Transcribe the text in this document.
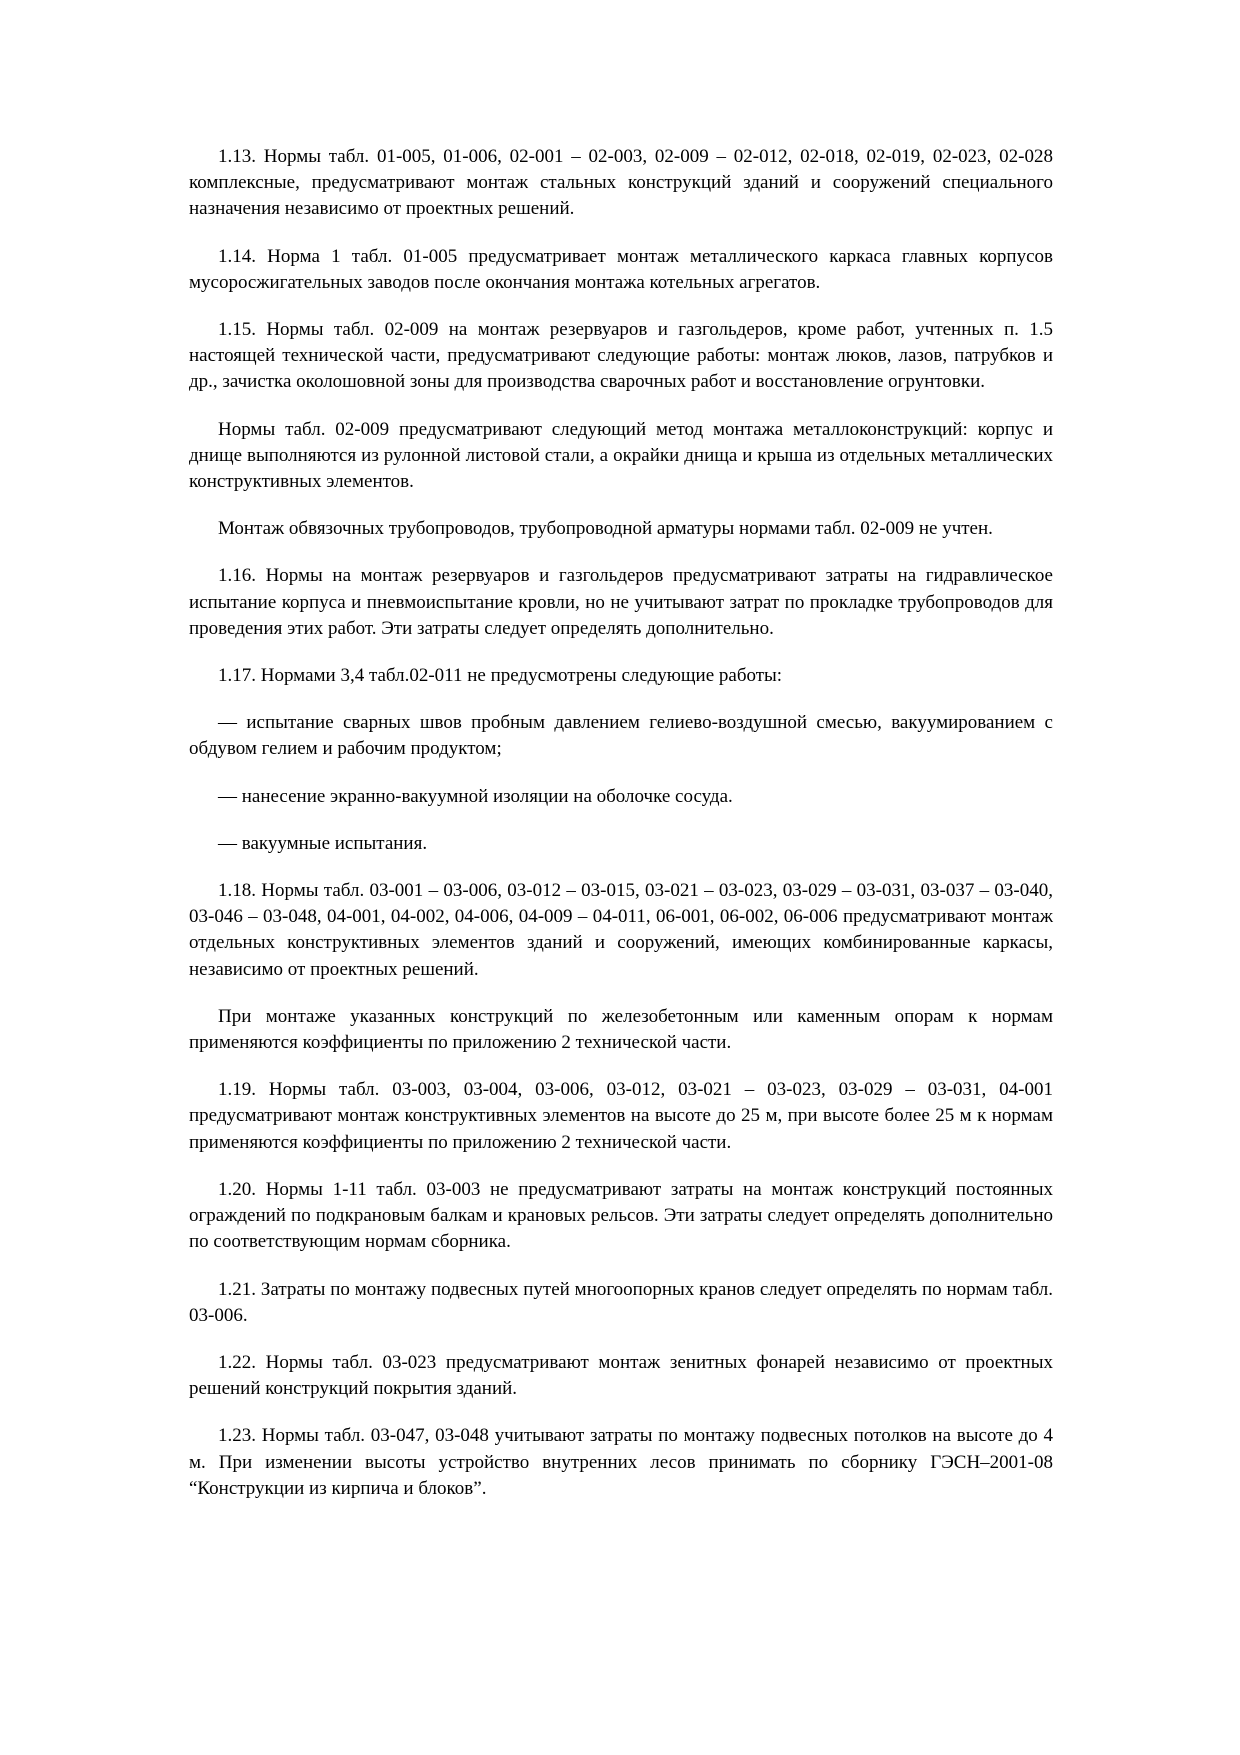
1.13. Нормы табл. 01-005, 01-006, 02-001 – 02-003, 02-009 – 02-012, 02-018, 02-019, 02-023, 02-028 комплексные, предусматривают монтаж стальных конструкций зданий и сооружений специального назначения независимо от проектных решений.

1.14. Норма 1 табл. 01-005 предусматривает монтаж металлического каркаса главных корпусов мусоросжигательных заводов после окончания монтажа котельных агрегатов.

1.15. Нормы табл. 02-009 на монтаж резервуаров и газгольдеров, кроме работ, учтенных п. 1.5 настоящей технической части, предусматривают следующие работы: монтаж люков, лазов, патрубков и др., зачистка околошовной зоны для производства сварочных работ и восстановление огрунтовки.

Нормы табл. 02-009 предусматривают следующий метод монтажа металлоконструкций: корпус и днище выполняются из рулонной листовой стали, а окрайки днища и крыша из отдельных металлических конструктивных элементов.

Монтаж обвязочных трубопроводов, трубопроводной арматуры нормами табл. 02-009 не учтен.

1.16. Нормы на монтаж резервуаров и газгольдеров предусматривают затраты на гидравлическое испытание корпуса и пневмоиспытание кровли, но не учитывают затрат по прокладке трубопроводов для проведения этих работ. Эти затраты следует определять дополнительно.

1.17. Нормами 3,4 табл.02-011 не предусмотрены следующие работы:

— испытание сварных швов пробным давлением гелиево-воздушной смесью, вакуумированием с обдувом гелием и рабочим продуктом;

— нанесение экранно-вакуумной изоляции на оболочке сосуда.

— вакуумные испытания.

1.18. Нормы табл. 03-001 – 03-006, 03-012 – 03-015, 03-021 – 03-023, 03-029 – 03-031, 03-037 – 03-040, 03-046 – 03-048, 04-001, 04-002, 04-006, 04-009 – 04-011, 06-001, 06-002, 06-006 предусматривают монтаж отдельных конструктивных элементов зданий и сооружений, имеющих комбинированные каркасы, независимо от проектных решений.

При монтаже указанных конструкций по железобетонным или каменным опорам к нормам применяются коэффициенты по приложению 2 технической части.

1.19. Нормы табл. 03-003, 03-004, 03-006, 03-012, 03-021 – 03-023, 03-029 – 03-031, 04-001 предусматривают монтаж конструктивных элементов на высоте до 25 м, при высоте более 25 м к нормам применяются коэффициенты по приложению 2 технической части.

1.20. Нормы 1-11 табл. 03-003 не предусматривают затраты на монтаж конструкций постоянных ограждений по подкрановым балкам и крановых рельсов. Эти затраты следует определять дополнительно по соответствующим нормам сборника.

1.21. Затраты по монтажу подвесных путей многоопорных кранов следует определять по нормам табл. 03-006.

1.22. Нормы табл. 03-023 предусматривают монтаж зенитных фонарей независимо от проектных решений конструкций покрытия зданий.

1.23. Нормы табл. 03-047, 03-048 учитывают затраты по монтажу подвесных потолков на высоте до 4 м. При изменении высоты устройство внутренних лесов принимать по сборнику ГЭСН–2001-08 “Конструкции из кирпича и блоков”.
